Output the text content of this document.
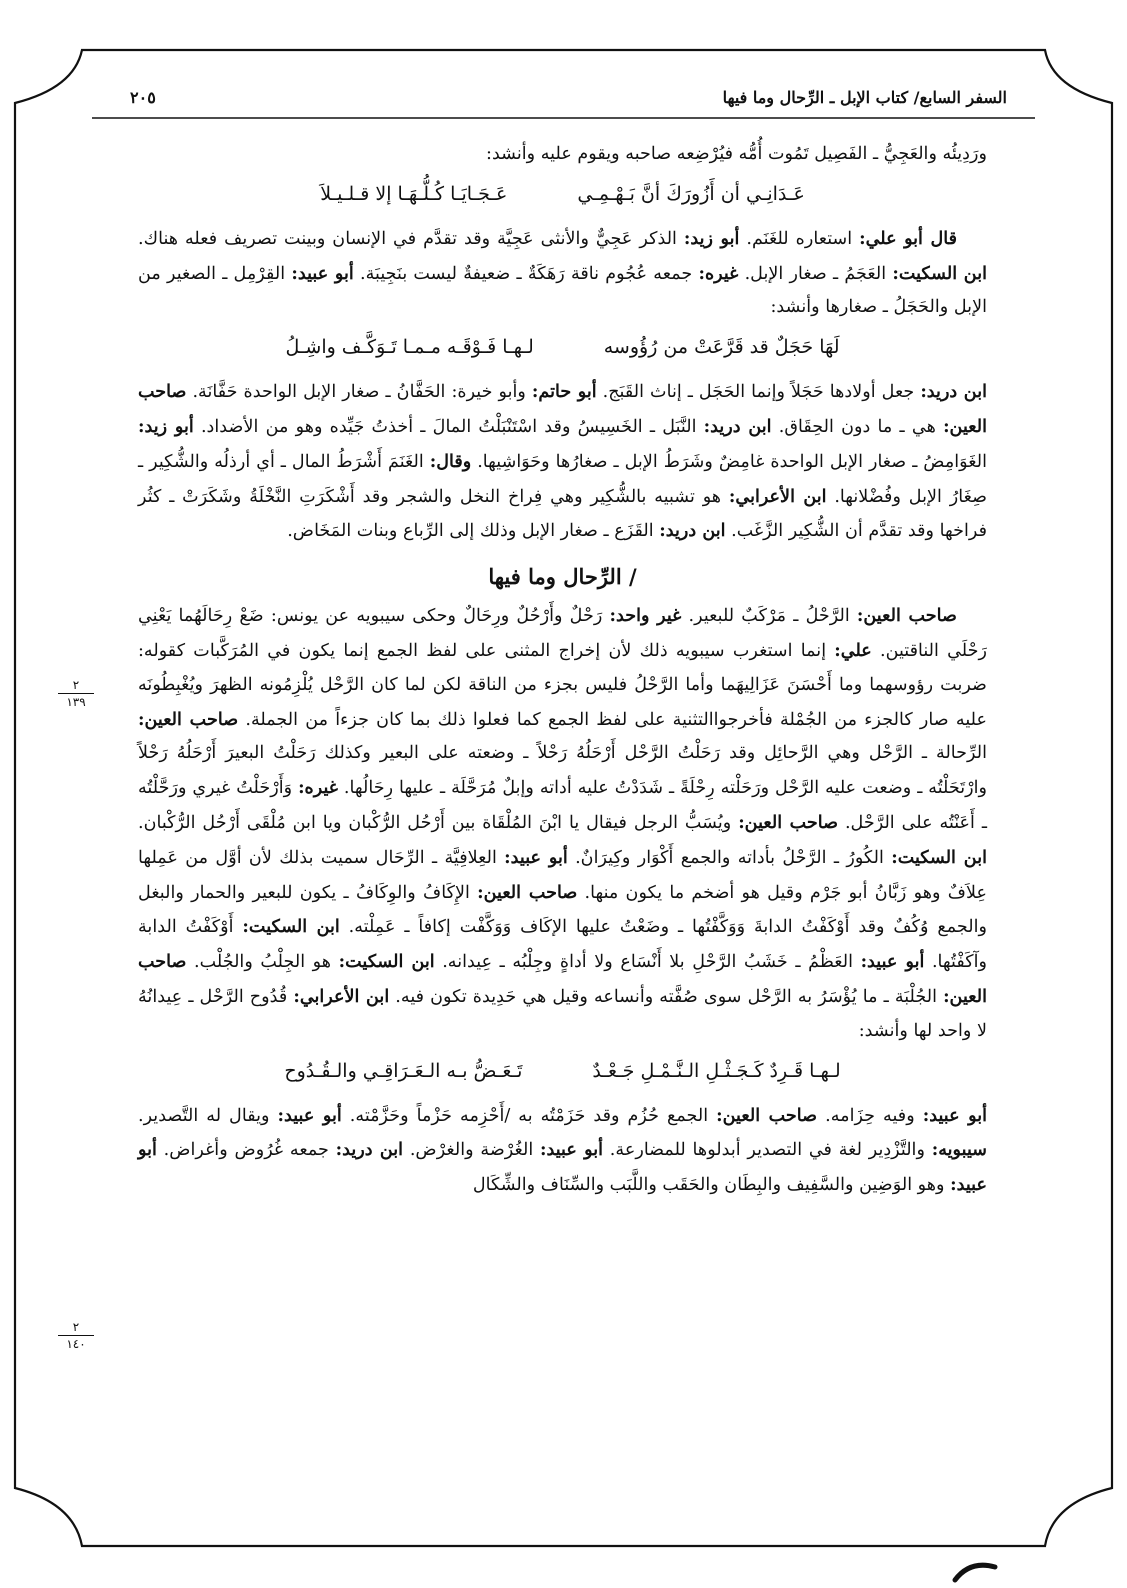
السفر السابع/ كتاب الإبل ـ الرِّحال وما فيها
٢٠٥
٢
١٣٩
٢
١٤٠

ورَدِيئُه والعَجِيُّ ـ الفَصِيل تَمُوت أُمُّه فيُرْضِعه صاحبه ويقوم عليه وأنشد:

عَـدَانِـي أن أَزُورَكَ أنَّ بَـهْـمِـي
عَـجَـايَـا كُـلُّـهَـا إلا قـلـيـلاَ

قال أبو علي: استعاره للغَنَم. أبو زيد: الذكر عَجِيٌّ والأنثى عَجِيَّة وقد تقدَّم في الإنسان وبينت تصريف فعله هناك. ابن السكيت: العَجَمُ ـ صغار الإبل. غيره: جمعه عُجُوم ناقة رَهَكَةٌ ـ ضعيفةٌ ليست بنَجِيبَة. أبو عبيد: القِرْمِل ـ الصغير من الإبل والحَجَلُ ـ صغارها وأنشد:

لَهَا حَجَلٌ قد قَرَّعَتْ من رُؤُوسه
لـهـا فَـوْقَـه مـمـا تَـوَكَّـف واشِـلُ

ابن دريد: جعل أولادها حَجَلاً وإنما الحَجَل ـ إناث القَبَج. أبو حاتم: وأبو خيرة: الحَفَّانُ ـ صغار الإبل الواحدة حَفَّانَة. صاحب العين: هي ـ ما دون الحِقَاق. ابن دريد: النَّبَل ـ الخَسِيسُ وقد اسْتَنْبَلْتُ المالَ ـ أخذتُ جَيِّده وهو من الأضداد. أبو زيد: الغَوَامِضُ ـ صغار الإبل الواحدة غامِضٌ وشَرَطُ الإبل ـ صغارُها وحَوَاشِيها. وقال: الغَنَمَ أَشْرَطُ المال ـ أي أرذلُه والشُّكِير ـ صِغَارُ الإبل وفُضْلانها. ابن الأعرابي: هو تشبيه بالشُّكِير وهي فِراخ النخل والشجر وقد أَشْكَرَتِ النَّخْلَةُ وشَكَرَتْ ـ كثُر فراخها وقد تقدَّم أن الشُّكِير الزَّغَب. ابن دريد: القَزَع ـ صغار الإبل وذلك إلى الرِّباع وبنات المَخَاض.

/ الرِّحال وما فيها

صاحب العين: الرَّحْلُ ـ مَرْكَبٌ للبعير. غير واحد: رَحْلٌ وأَرْحُلٌ ورِحَالٌ وحكى سيبويه عن يونس: ضَعْ رِحَالَهُما يَعْنِي رَحْلَي الناقتين. علي: إنما استغرب سيبويه ذلك لأن إخراج المثنى على لفظ الجمع إنما يكون في المُرَكَّبات كقوله: ضربت رؤوسهما وما أَحْسَنَ عَزَالِيهَما وأما الرَّحْلُ فليس بجزء من الناقة لكن لما كان الرَّحْل يُلْزِمُونه الظهرَ ويُغْبِطُونَه عليه صار كالجزء من الجُمْلة فأخرجواالتثنية على لفظ الجمع كما فعلوا ذلك بما كان جزءاً من الجملة. صاحب العين: الرِّحالة ـ الرَّحْل وهي الرَّحائِل وقد رَحَلْتُ الرَّحْل أَرْحَلُهُ رَحْلاً ـ وضعته على البعير وكذلك رَحَلْتُ البعيرَ أَرْحَلُهُ رَحْلاً وارْتَحَلْتُه ـ وضعت عليه الرَّحْل ورَحَلْته رِحْلَةً ـ شَدَدْتُ عليه أداته وإبلٌ مُرَحَّلَة ـ عليها رِحَالُها. غيره: وَأَرْحَلْتُ غيري ورَحَّلْتُه ـ أَعَنْتُه على الرَّحْل. صاحب العين: ويُسَبُّ الرجل فيقال يا ابْنَ المُلْقَاة بين أَرْحُل الرُّكْبان ويا ابن مُلْقَى أَرْحُل الرُّكْبان. ابن السكيت: الكُورُ ـ الرَّحْلُ بأداته والجمع أَكْوَار وكِيرَانٌ. أبو عبيد: العِلافِيَّة ـ الرِّحَال سميت بذلك لأن أوَّل من عَمِلها عِلاَفٌ وهو زَبَّانُ أبو جَرْم وقيل هو أضخم ما يكون منها. صاحب العين: الإِكَافُ والوِكَافُ ـ يكون للبعير والحمار والبغل والجمع وُكُفٌ وقد أَوْكَفْتُ الدابةَ وَوَكَّفْتُها ـ وضَعْتُ عليها الإكَاف وَوَكَّفْت إكافاً ـ عَمِلْته. ابن السكيت: أَوْكَفْتُ الدابة وآكَفْتُها. أبو عبيد: العَظْمُ ـ خَشَبُ الرَّحْلِ بلا أَنْسَاع ولا أداةٍ وجِلْبُه ـ عِيدانه. ابن السكيت: هو الجِلْبُ والجُلْب. صاحب العين: الجُلْبَة ـ ما يُؤْسَرُ به الرَّحْل سوى صُفَّته وأنساعه وقيل هي حَدِيدة تكون فيه. ابن الأعرابي: قُدُوح الرَّحْل ـ عِيدانُهُ لا واحد لها وأنشد:

لـهـا قَـرِدٌ كَـجَـثْـلِ الـنَّـمْـلِ جَـعْـدٌ
تَـعَـضُّ بـه الـعَـرَاقِـي والـقُـدُوح

أبو عبيد: وفيه حِزَامه. صاحب العين: الجمع حُزُم وقد حَزَمْتُه به /أَحْزِمه حَزْماً وحَزَّمْته. أبو عبيد: ويقال له التَّصدير. سيبويه: والتَّزْدِير لغة في التصدير أبدلوها للمضارعة. أبو عبيد: الغُرْضة والغرْض. ابن دريد: جمعه غُرُوض وأغراض. أبو عبيد: وهو الوَضِين والسَّفِيف والبِطَان والحَقَب واللَّبَب والسِّنَاف والشِّكَال
